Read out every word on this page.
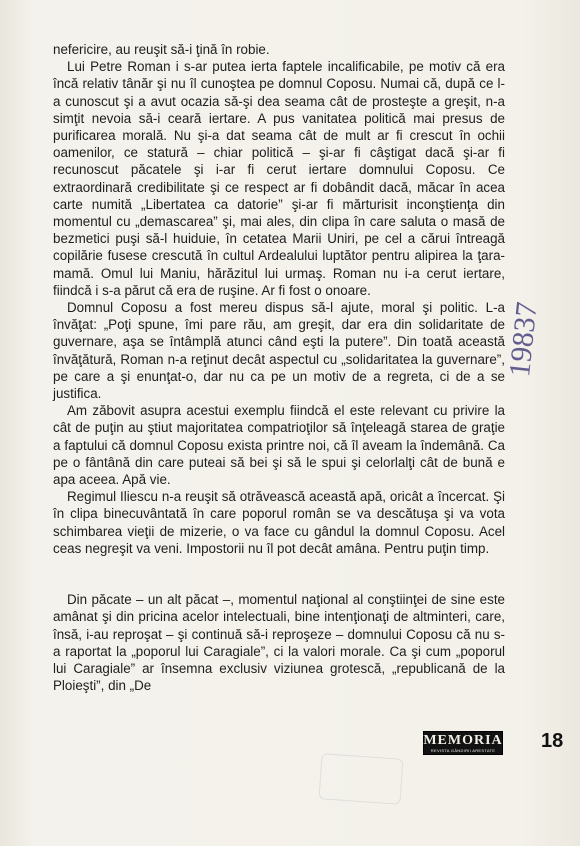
nefericire, au reuşit să-i ţină în robie.

Lui Petre Roman i s-ar putea ierta faptele incalificabile, pe motiv că era încă relativ tânăr şi nu îl cunoştea pe domnul Coposu. Numai că, după ce l-a cunoscut şi a avut ocazia să-şi dea seama cât de prosteşte a greşit, n-a simţit nevoia să-i ceară iertare. A pus vanitatea politică mai presus de purificarea morală. Nu şi-a dat seama cât de mult ar fi crescut în ochii oamenilor, ce statură – chiar politică – şi-ar fi câştigat dacă şi-ar fi recunoscut păcatele şi i-ar fi cerut iertare domnului Coposu. Ce extraordinară credibilitate şi ce respect ar fi dobândit dacă, măcar în acea carte numită „Libertatea ca datorie” şi-ar fi mărturisit inconştienţa din momentul cu „demascarea” şi, mai ales, din clipa în care saluta o masă de bezmetici puşi să-l huiduie, în cetatea Marii Uniri, pe cel a cărui întreagă copilărie fusese crescută în cultul Ardealului luptător pentru alipirea la ţara-mamă. Omul lui Maniu, hărăzitul lui urmaş. Roman nu i-a cerut iertare, fiindcă i s-a părut că era de ruşine. Ar fi fost o onoare.

Domnul Coposu a fost mereu dispus să-l ajute, moral şi politic. L-a învăţat: „Poţi spune, îmi pare rău, am greşit, dar era din solidaritate de guvernare, aşa se întâmplă atunci când eşti la putere”. Din toată această învăţătură, Roman n-a reţinut decât aspectul cu „solidaritatea la guvernare”, pe care a şi enunţat-o, dar nu ca pe un motiv de a regreta, ci de a se justifica.

Am zăbovit asupra acestui exemplu fiindcă el este relevant cu privire la cât de puţin au ştiut majoritatea compatrioţilor să înţeleagă starea de graţie a faptului că domnul Coposu exista printre noi, că îl aveam la îndemână. Ca pe o fântână din care puteai să bei şi să le spui şi celorlalţi cât de bună e apa aceea. Apă vie.

Regimul Iliescu n-a reuşit să otrăvească această apă, oricât a încercat. Şi în clipa binecuvântată în care poporul român se va descătuşa şi va vota schimbarea vieţii de mizerie, o va face cu gândul la domnul Coposu. Acel ceas negreşit va veni. Impostorii nu îl pot decât amâna. Pentru puţin timp.

Din păcate – un alt păcat –, momentul naţional al conştiinţei de sine este amânat şi din pricina acelor intelectuali, bine intenţionaţi de altminteri, care, însă, i-au reproşat – şi continuă să-i reproşeze – domnului Coposu că nu s-a raportat la „poporul lui Caragiale”, ci la valori morale. Ca şi cum „poporul lui Caragiale” ar însemna exclusiv viziunea grotescă, „republicană de la Ploieşti”, din „De

MEMORIA
REVISTA GÂNDIRII ARESTATE 18
19837
